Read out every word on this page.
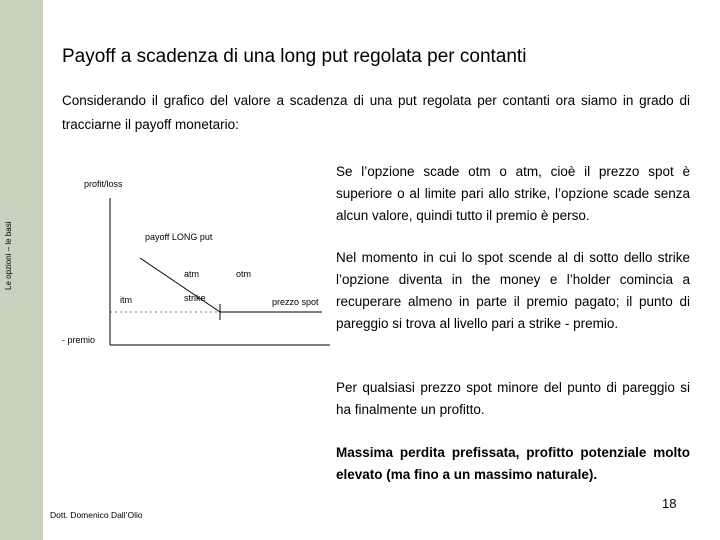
Le opzioni – le basi
Payoff a scadenza di una long put regolata per contanti
Considerando il grafico del valore a scadenza di una put regolata per contanti ora siamo in grado di tracciarne il payoff monetario:
profit/loss
payoff LONG put
atm	otm
itm	strike	prezzo spot
- premio
Se l’opzione scade otm o atm, cioè il prezzo spot è superiore o al limite pari allo strike, l’opzione scade senza alcun valore, quindi tutto il premio è perso.
Nel momento in cui lo spot scende al di sotto dello strike l’opzione diventa in the money e l’holder comincia a recuperare almeno in parte il premio pagato; il punto di pareggio si trova al livello pari a strike - premio.
Per qualsiasi prezzo spot minore del punto di pareggio si ha finalmente un profitto.
Massima perdita prefissata, profitto potenziale molto elevato (ma fino a un massimo naturale).
Dott. Domenico Dall’Olio
18
